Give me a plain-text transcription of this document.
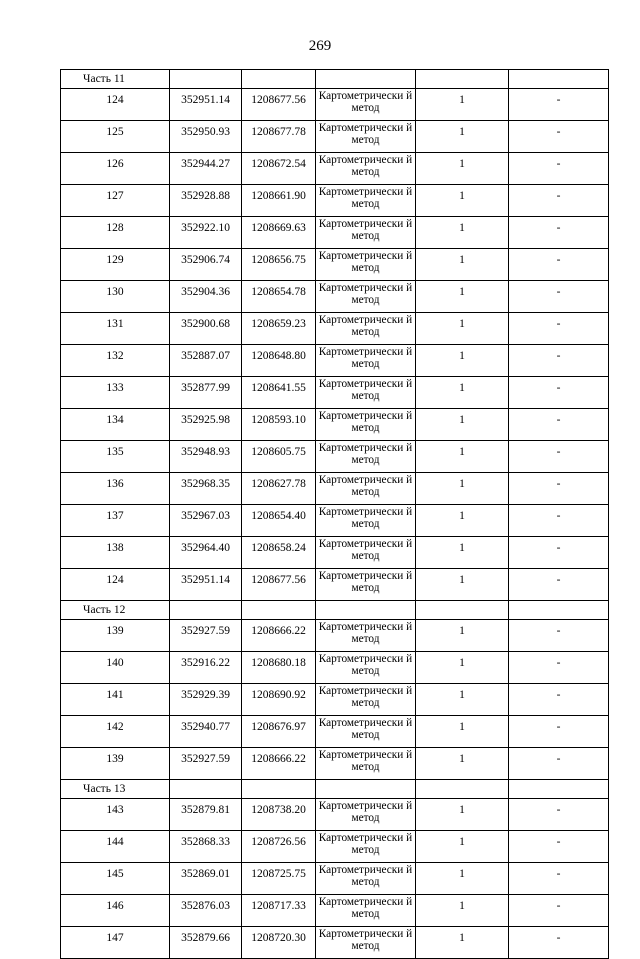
269
Часть 11					
124	352951.14	1208677.56	Картометрически й метод	1	-
125	352950.93	1208677.78	Картометрически й метод	1	-
126	352944.27	1208672.54	Картометрически й метод	1	-
127	352928.88	1208661.90	Картометрически й метод	1	-
128	352922.10	1208669.63	Картометрически й метод	1	-
129	352906.74	1208656.75	Картометрически й метод	1	-
130	352904.36	1208654.78	Картометрически й метод	1	-
131	352900.68	1208659.23	Картометрически й метод	1	-
132	352887.07	1208648.80	Картометрически й метод	1	-
133	352877.99	1208641.55	Картометрически й метод	1	-
134	352925.98	1208593.10	Картометрически й метод	1	-
135	352948.93	1208605.75	Картометрически й метод	1	-
136	352968.35	1208627.78	Картометрически й метод	1	-
137	352967.03	1208654.40	Картометрически й метод	1	-
138	352964.40	1208658.24	Картометрически й метод	1	-
124	352951.14	1208677.56	Картометрически й метод	1	-
Часть 12					
139	352927.59	1208666.22	Картометрически й метод	1	-
140	352916.22	1208680.18	Картометрически й метод	1	-
141	352929.39	1208690.92	Картометрически й метод	1	-
142	352940.77	1208676.97	Картометрически й метод	1	-
139	352927.59	1208666.22	Картометрически й метод	1	-
Часть 13					
143	352879.81	1208738.20	Картометрически й метод	1	-
144	352868.33	1208726.56	Картометрически й метод	1	-
145	352869.01	1208725.75	Картометрически й метод	1	-
146	352876.03	1208717.33	Картометрически й метод	1	-
147	352879.66	1208720.30	Картометрически й метод	1	-
